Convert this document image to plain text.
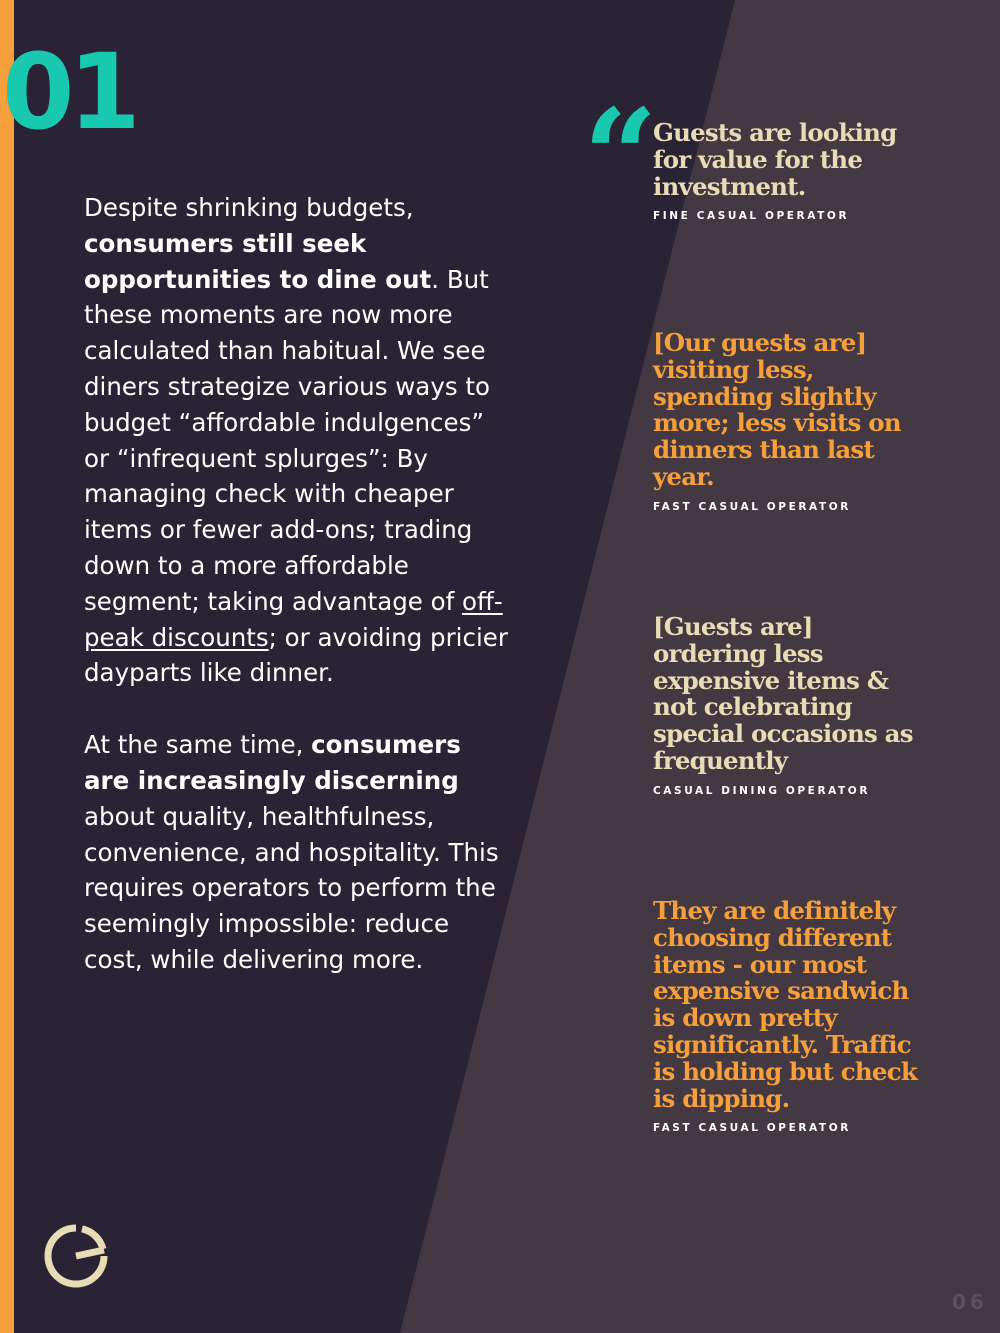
01

Despite shrinking budgets, consumers still seek opportunities to dine out. But these moments are now more calculated than habitual. We see diners strategize various ways to budget “affordable indulgences” or “infrequent splurges”: By managing check with cheaper items or fewer add-ons; trading down to a more affordable segment; taking advantage of off-peak discounts; or avoiding pricier dayparts like dinner.

At the same time, consumers are increasingly discerning about quality, healthfulness, convenience, and hospitality. This requires operators to perform the seemingly impossible: reduce cost, while delivering more.

“
Guests are looking for value for the investment.
FINE CASUAL OPERATOR
[Our guests are] visiting less, spending slightly more; less visits on dinners than last year.
FAST CASUAL OPERATOR
[Guests are] ordering less expensive items & not celebrating special occasions as frequently
CASUAL DINING OPERATOR
They are definitely choosing different items - our most expensive sandwich is down pretty significantly. Traffic is holding but check is dipping.
FAST CASUAL OPERATOR
06
